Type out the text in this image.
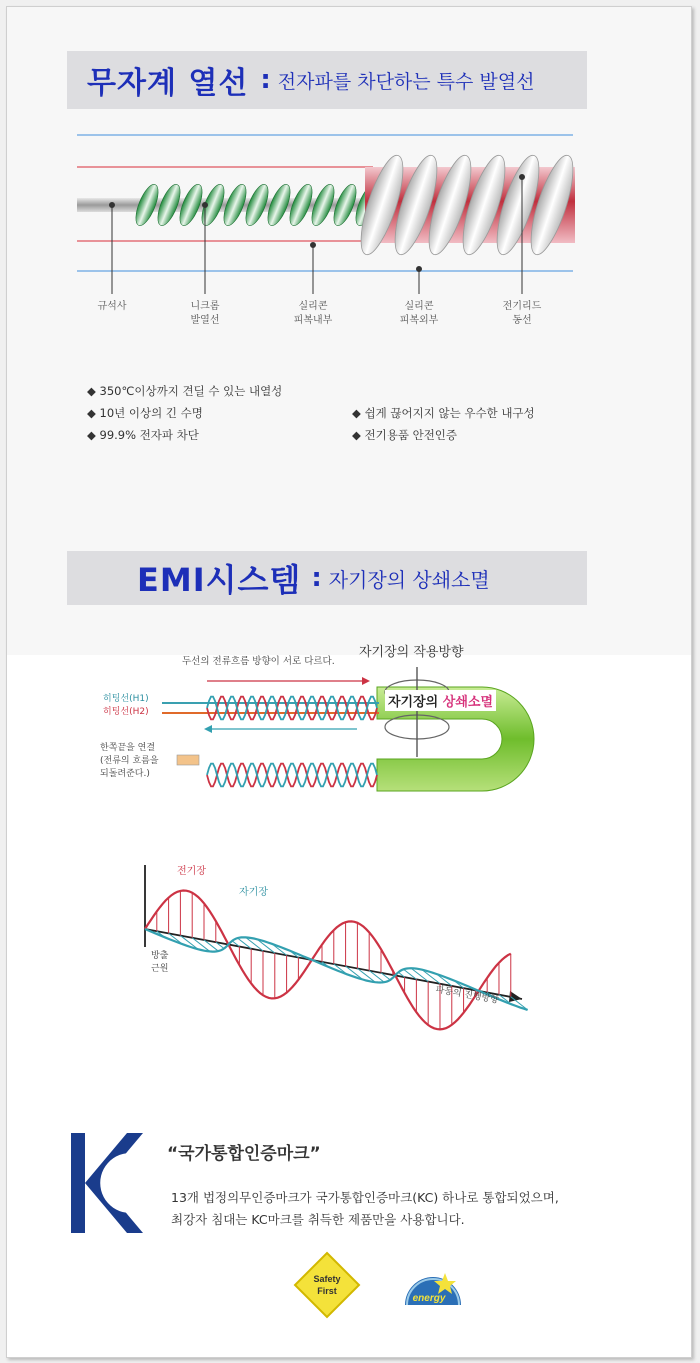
무자계 열선 : 전자파를 차단하는 특수 발열선
규석사	니크롬
발열선
실리콘
피복내부
실리콘
피복외부
전기리드
동선
◆ 350℃이상까지 견딜 수 있는 내열성
◆ 10년 이상의 긴 수명
◆ 99.9% 전자파 차단
◆ 쉽게 끊어지지 않는 우수한 내구성
◆ 전기용품 안전인증
EMI시스템 : 자기장의 상쇄소멸
두선의 전류흐름 방향이 서로 다르다.
자기장의 작용방향
히팅선(H1)
히팅선(H2)
한쪽끝을 연결
(전류의 흐름을
되돌려준다.)
자기장의 상쇄소멸
전기장
자기장
방출
근원
파동의 진행방향
“국가통합인증마크”
13개 법정의무인증마크가 국가통합인증마크(KC) 하나로 통합되었으며,
최강자 침대는 KC마크를 취득한 제품만을 사용합니다.
Safety
First
energy
